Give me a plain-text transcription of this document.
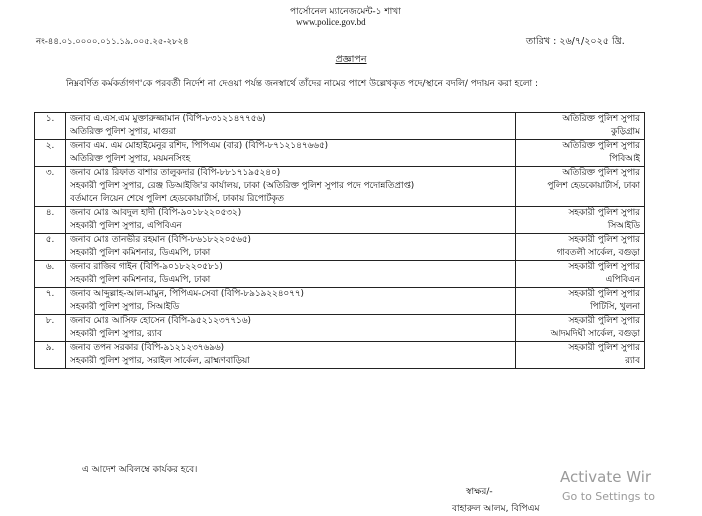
পার্সোনেল ম্যানেজমেন্ট-১ শাখা
www.police.gov.bd
নং-৪৪.০১.০০০০.০১১.১৯.০০৫.২৫-২৮২৪	তারিখ : ২৬/৭/২০২৫ খ্রি.
প্রজ্ঞাপন
নিম্নবর্ণিত কর্মকর্তাগণ'কে পরবর্তী নির্দেশ না দেওয়া পর্যন্ত জনস্বার্থে তাঁদের নামের পাশে উল্লেখকৃত পদে/স্থানে বদলি/ পদায়ন করা হলো :
১.	জনাব এ.এস.এম মুক্তারুজ্জামান (বিপি-৮৩১২১৪৭৭৫৬)
অতিরিক্ত পুলিশ সুপার, মাগুরা	অতিরিক্ত পুলিশ সুপার
কুড়িগ্রাম

২.	জনাব এম. এম মোহাইমেনুর রশিদ, পিপিএম (বার) (বিপি-৮৭১২১৪৭৬৬৫)
অতিরিক্ত পুলিশ সুপার, ময়মনসিংহ	অতিরিক্ত পুলিশ সুপার
পিবিআই

৩.	জনাব মোঃ রিফাত বাশার তালুকদার (বিপি-৮৮১৭১৯৫২৪০)
সহকারী পুলিশ সুপার, রেঞ্জ ডিআইজি'র কার্যালয়, ঢাকা (অতিরিক্ত পুলিশ সুপার পদে পদোন্নতিপ্রাপ্ত)
বর্তমানে লিয়েন শেষে পুলিশ হেডকোয়ার্টার্স, ঢাকায় রিপোর্টকৃত	অতিরিক্ত পুলিশ সুপার
পুলিশ হেডকোয়ার্টার্স, ঢাকা

৪.	জনাব মোঃ আবদুল হাদী (বিপি-৯০১৮২২০৫৩২)
সহকারী পুলিশ সুপার, এপিবিএন	সহকারী পুলিশ সুপার
সিআইডি

৫.	জনাব মোঃ তানভীর রহমান (বিপি-৮৬১৮২২০৫৬৫)
সহকারী পুলিশ কমিশনার, ডিএমপি, ঢাকা	সহকারী পুলিশ সুপার
গাবতলী সার্কেল, বগুড়া

৬.	জনাব রাজিব গাইন (বিপি-৯০১৮২২০৫৮১)
সহকারী পুলিশ কমিশনার, ডিএমপি, ঢাকা	সহকারী পুলিশ সুপার
এপিবিএন

৭.	জনাব আব্দুল্লাহ-আল-মামুন, পিপিএম-সেবা (বিপি-৮৯১৯২২৪০৭৭)
সহকারী পুলিশ সুপার, সিআইডি	সহকারী পুলিশ সুপার
পিটিসি, খুলনা

৮.	জনাব মোঃ আসিফ হোসেন (বিপি-৯৫২১২৩৭৭১৬)
সহকারী পুলিশ সুপার, র‌্যাব	সহকারী পুলিশ সুপার
আদমদিঘী সার্কেল, বগুড়া

৯.	জনাব তপন সরকার (বিপি-৯১২১২৩৭৬৯৬)
সহকারী পুলিশ সুপার, সরাইল সার্কেল, ব্রাহ্মণবাড়িয়া	সহকারী পুলিশ সুপার
র‌্যাব
এ আদেশ অবিলম্বে কার্যকর হবে।
স্বাক্ষর/-
বাহারুল আলম, বিপিএম
Activate Wir
Go to Settings to
